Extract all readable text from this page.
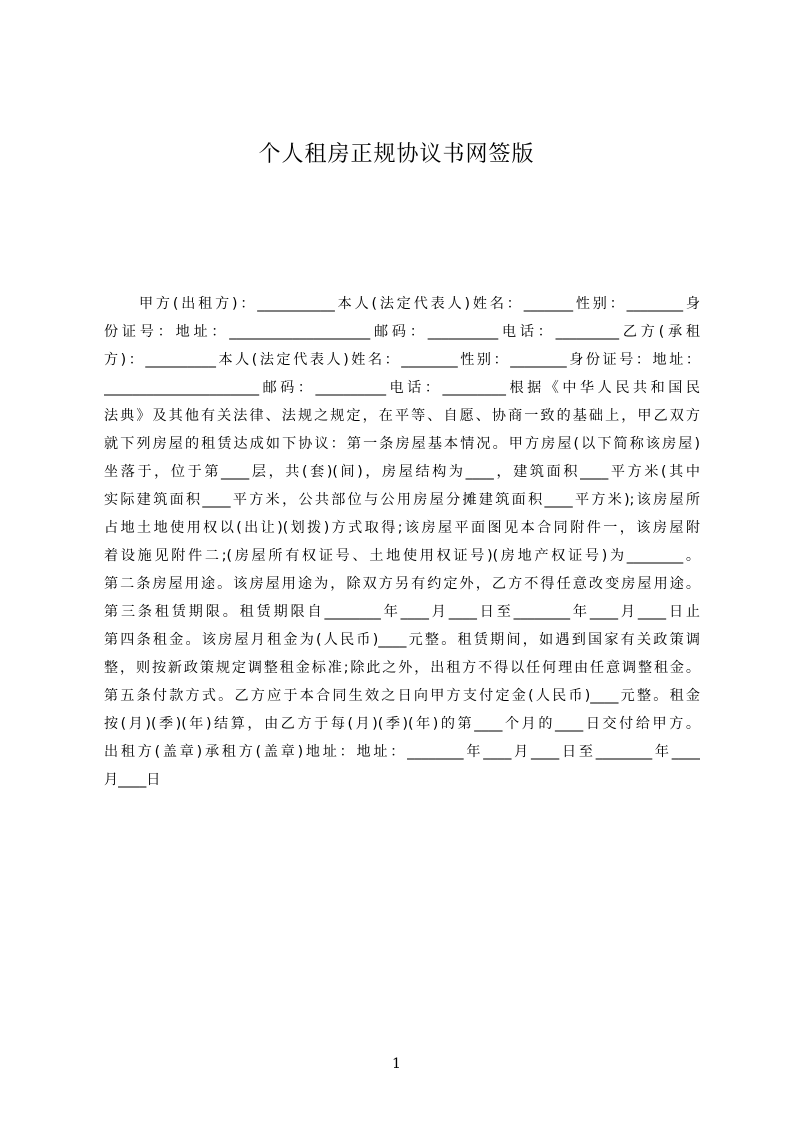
个人租房正规协议书网签版
甲方(出租方)：___________本人(法定代表人)姓名：_______性别：________身
份证号：地址：____________________邮码：__________电话：_________乙方(承租
方)：__________本人(法定代表人)姓名：________性别：________身份证号：地址：
______________________邮码：__________电话：_________根据《中华人民共和国民
法典》及其他有关法律、法规之规定，在平等、自愿、协商一致的基础上，甲乙双方
就下列房屋的租赁达成如下协议：第一条房屋基本情况。甲方房屋(以下简称该房屋)
坐落于，位于第____层，共(套)(间)，房屋结构为____，建筑面积____平方米(其中
实际建筑面积____平方米，公共部位与公用房屋分摊建筑面积____平方米);该房屋所
占地土地使用权以(出让)(划拨)方式取得;该房屋平面图见本合同附件一，该房屋附
着设施见附件二;(房屋所有权证号、土地使用权证号)(房地产权证号)为________。
第二条房屋用途。该房屋用途为，除双方另有约定外，乙方不得任意改变房屋用途。
第三条租赁期限。租赁期限自________年____月____日至________年____月____日止
第四条租金。该房屋月租金为(人民币)____元整。租赁期间，如遇到国家有关政策调
整，则按新政策规定调整租金标准;除此之外，出租方不得以任何理由任意调整租金。
第五条付款方式。乙方应于本合同生效之日向甲方支付定金(人民币)____元整。租金
按(月)(季)(年)结算，由乙方于每(月)(季)(年)的第____个月的____日交付给甲方。
出租方(盖章)承租方(盖章)地址：地址：________年____月____日至________年____
月____日
1
